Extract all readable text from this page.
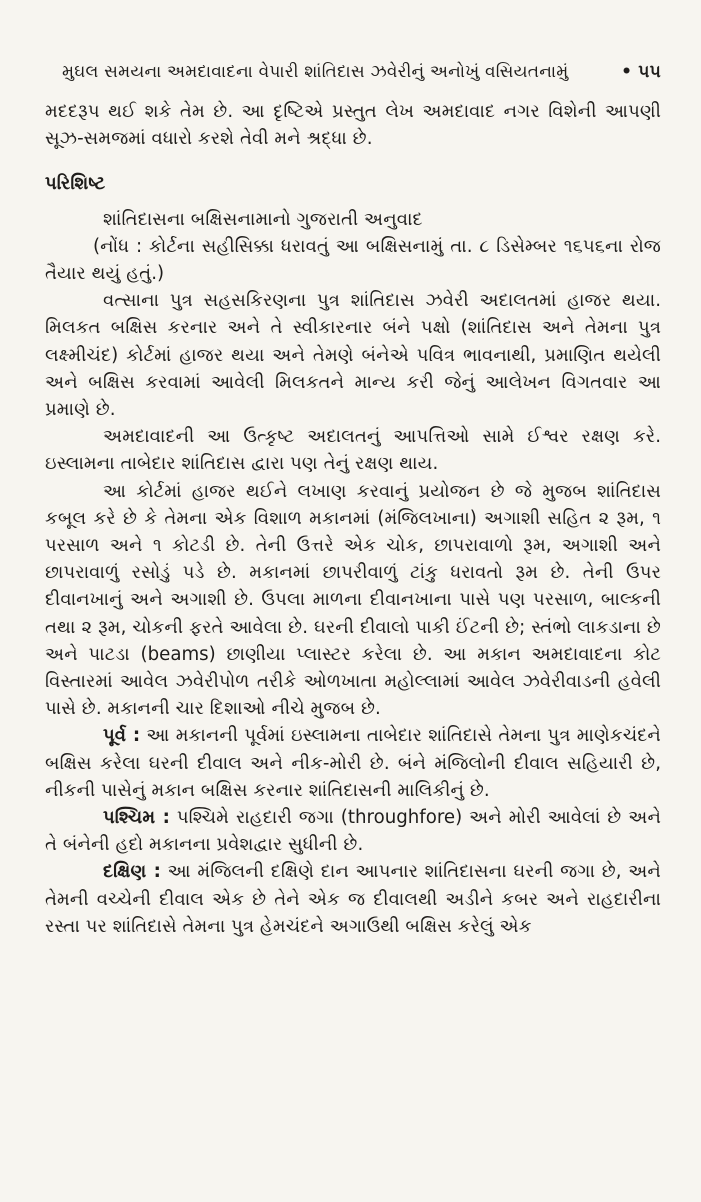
મુઘલ સમયના અમદાવાદના વેપારી શાંતિદાસ ઝવેરીનું અનોખું વસિયતનામું	• ૫૫

મદદરૂપ થઈ શકે તેમ છે. આ દૃષ્ટિએ પ્રસ્તુત લેખ અમદાવાદ નગર વિશેની આપણી સૂઝ-સમજમાં વધારો કરશે તેવી મને શ્રદ્ધા છે.

પરિશિષ્ટ

શાંતિદાસના બક્ષિસનામાનો ગુજરાતી અનુવાદ

(નોંધ : કોર્ટના સહીસિક્કા ધરાવતું આ બક્ષિસનામું તા. ૮ ડિસેમ્બર ૧૬૫૬ના રોજ તૈયાર થયું હતું.)

વત્સાના પુત્ર સહસકિરણના પુત્ર શાંતિદાસ ઝવેરી અદાલતમાં હાજર થયા. મિલકત બક્ષિસ કરનાર અને તે સ્વીકારનાર બંને પક્ષો (શાંતિદાસ અને તેમના પુત્ર લક્ષ્મીચંદ) કોર્ટમાં હાજર થયા અને તેમણે બંનેએ પવિત્ર ભાવનાથી, પ્રમાણિત થયેલી અને બક્ષિસ કરવામાં આવેલી મિલકતને માન્ય કરી જેનું આલેખન વિગતવાર આ પ્રમાણે છે.

અમદાવાદની આ ઉત્કૃષ્ટ અદાલતનું આપત્તિઓ સામે ઈશ્વર રક્ષણ કરે. ઇસ્લામના તાબેદાર શાંતિદાસ દ્વારા પણ તેનું રક્ષણ થાય.

આ કોર્ટમાં હાજર થઈને લખાણ કરવાનું પ્રયોજન છે જે મુજબ શાંતિદાસ કબૂલ કરે છે કે તેમના એક વિશાળ મકાનમાં (મંજિલખાના) અગાશી સહિત ૨ રૂમ, ૧ પરસાળ અને ૧ કોટડી છે. તેની ઉત્તરે એક ચોક, છાપરાવાળો રૂમ, અગાશી અને છાપરાવાળું રસોડું પડે છે. મકાનમાં છાપરીવાળું ટાંકુ ધરાવતો રૂમ છે. તેની ઉપર દીવાનખાનું અને અગાશી છે. ઉપલા માળના દીવાનખાના પાસે પણ પરસાળ, બાલ્કની તથા ૨ રૂમ, ચોકની ફરતે આવેલા છે. ઘરની દીવાલો પાકી ઈંટની છે; સ્તંભો લાકડાના છે અને પાટડા (beams) છાણીયા પ્લાસ્ટર કરેલા છે. આ મકાન અમદાવાદના કોટ વિસ્તારમાં આવેલ ઝવેરીપોળ તરીકે ઓળખાતા મહોલ્લામાં આવેલ ઝવેરીવાડની હવેલી પાસે છે. મકાનની ચાર દિશાઓ નીચે મુજબ છે.

પૂર્વ : આ મકાનની પૂર્વમાં ઇસ્લામના તાબેદાર શાંતિદાસે તેમના પુત્ર માણેકચંદને બક્ષિસ કરેલા ઘરની દીવાલ અને નીક-મોરી છે. બંને મંજિલોની દીવાલ સહિયારી છે, નીકની પાસેનું મકાન બક્ષિસ કરનાર શાંતિદાસની માલિકીનું છે.

પશ્ચિમ : પશ્ચિમે રાહદારી જગા (throughfore) અને મોરી આવેલાં છે અને તે બંનેની હદો મકાનના પ્રવેશદ્વાર સુધીની છે.

દક્ષિણ : આ મંજિલની દક્ષિણે દાન આપનાર શાંતિદાસના ઘરની જગા છે, અને તેમની વચ્ચેની દીવાલ એક છે તેને એક જ દીવાલથી અડીને કબર અને રાહદારીના રસ્તા પર શાંતિદાસે તેમના પુત્ર હેમચંદને અગાઉથી બક્ષિસ કરેલું એક
